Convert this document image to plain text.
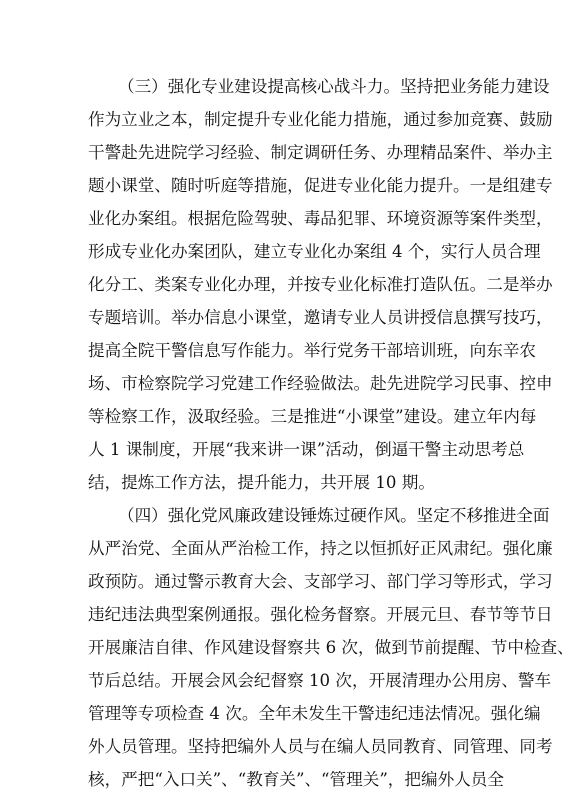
（三）强化专业建设提高核心战斗力。坚持把业务能力建设
作为立业之本，制定提升专业化能力措施，通过参加竞赛、鼓励
干警赴先进院学习经验、制定调研任务、办理精品案件、举办主
题小课堂、随时听庭等措施，促进专业化能力提升。一是组建专
业化办案组。根据危险驾驶、毒品犯罪、环境资源等案件类型，
形成专业化办案团队，建立专业化办案组 4 个，实行人员合理
化分工、类案专业化办理，并按专业化标准打造队伍。二是举办
专题培训。举办信息小课堂，邀请专业人员讲授信息撰写技巧，
提高全院干警信息写作能力。举行党务干部培训班，向东辛农
场、市检察院学习党建工作经验做法。赴先进院学习民事、控申
等检察工作，汲取经验。三是推进“小课堂”建设。建立年内每
人 1 课制度，开展“我来讲一课”活动，倒逼干警主动思考总
结，提炼工作方法，提升能力，共开展 10 期。

（四）强化党风廉政建设锤炼过硬作风。坚定不移推进全面
从严治党、全面从严治检工作，持之以恒抓好正风肃纪。强化廉
政预防。通过警示教育大会、支部学习、部门学习等形式，学习
违纪违法典型案例通报。强化检务督察。开展元旦、春节等节日
开展廉洁自律、作风建设督察共 6 次，做到节前提醒、节中检查、
节后总结。开展会风会纪督察 10 次，开展清理办公用房、警车
管理等专项检查 4 次。全年未发生干警违纪违法情况。强化编
外人员管理。坚持把编外人员与在编人员同教育、同管理、同考
核，严把“入口关”、“教育关”、“管理关”，把编外人员全
